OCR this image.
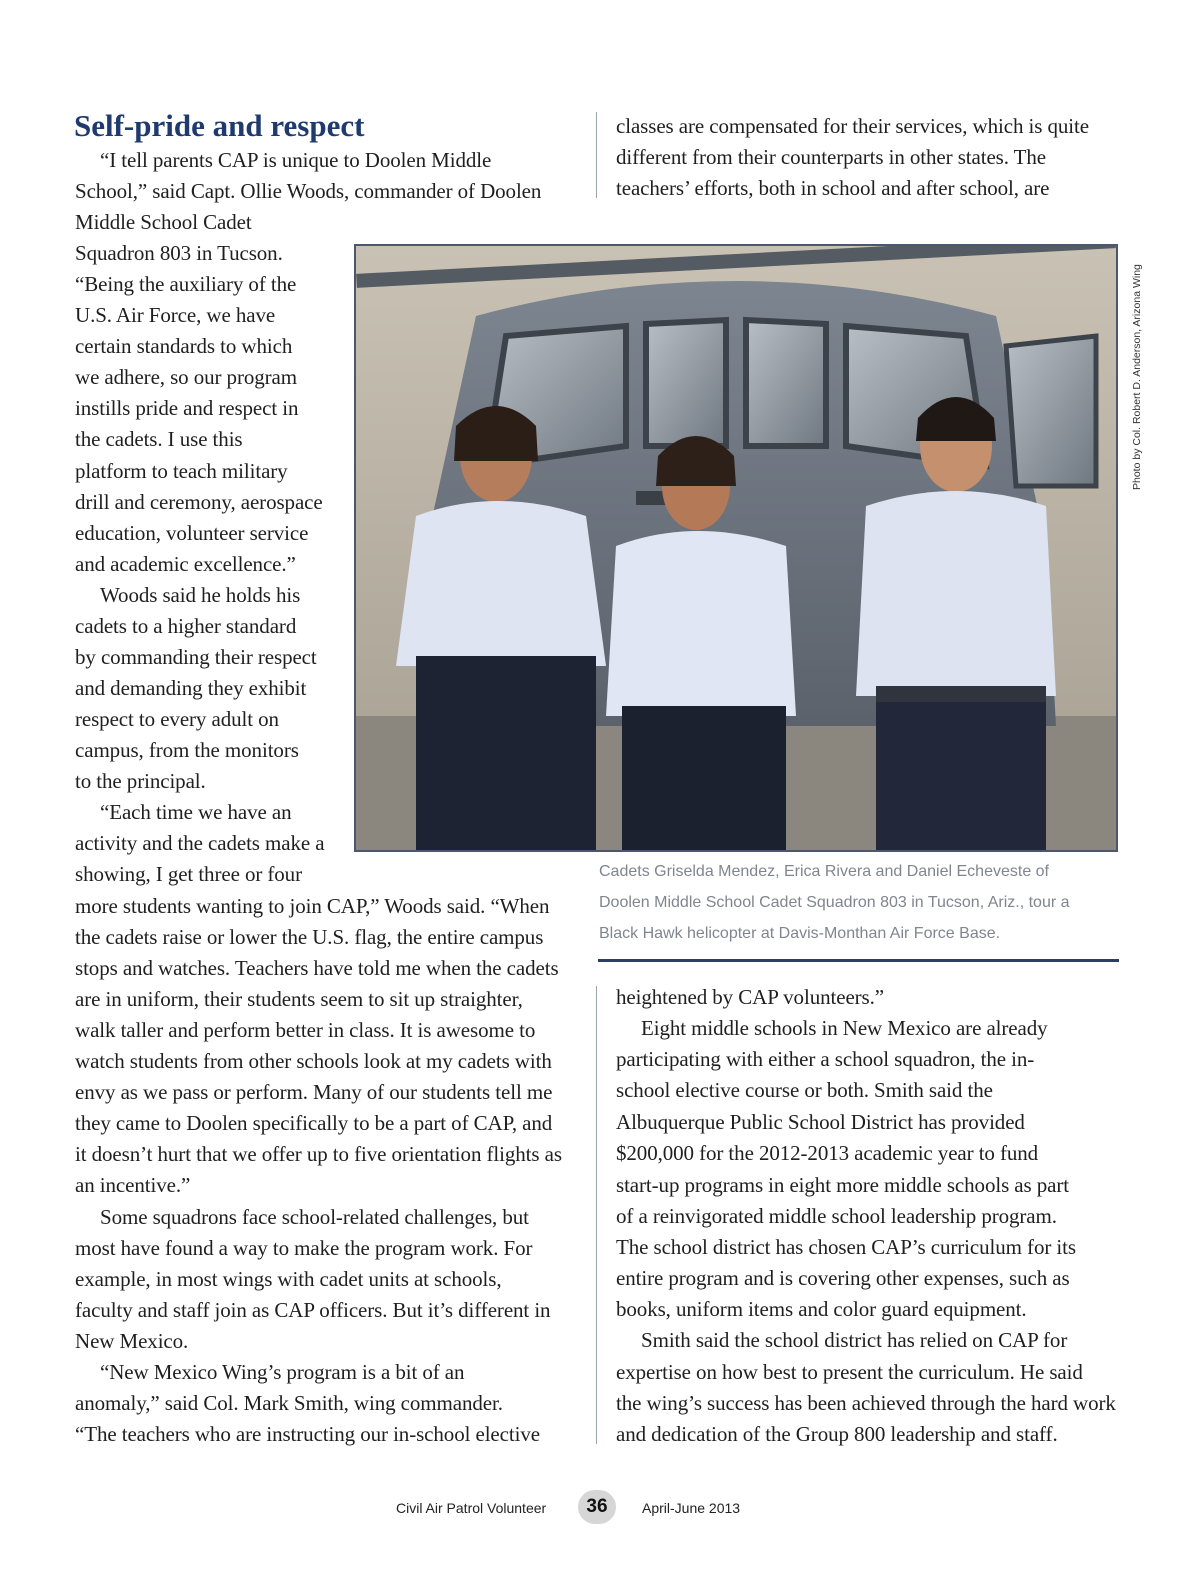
Self-pride and respect
“I tell parents CAP is unique to Doolen Middle
School,” said Capt. Ollie Woods, commander of Doolen
Middle School Cadet
Squadron 803 in Tucson.
“Being the auxiliary of the
U.S. Air Force, we have
certain standards to which
we adhere, so our program
instills pride and respect in
the cadets. I use this
platform to teach military
drill and ceremony, aerospace
education, volunteer service
and academic excellence.”
Woods said he holds his
cadets to a higher standard
by commanding their respect
and demanding they exhibit
respect to every adult on
campus, from the monitors
to the principal.
“Each time we have an
activity and the cadets make a
showing, I get three or four
more students wanting to join CAP,” Woods said. “When
the cadets raise or lower the U.S. flag, the entire campus
stops and watches. Teachers have told me when the cadets
are in uniform, their students seem to sit up straighter,
walk taller and perform better in class. It is awesome to
watch students from other schools look at my cadets with
envy as we pass or perform. Many of our students tell me
they came to Doolen specifically to be a part of CAP, and
it doesn’t hurt that we offer up to five orientation flights as
an incentive.”
Some squadrons face school-related challenges, but
most have found a way to make the program work. For
example, in most wings with cadet units at schools,
faculty and staff join as CAP officers. But it’s different in
New Mexico.
“New Mexico Wing’s program is a bit of an
anomaly,” said Col. Mark Smith, wing commander.
“The teachers who are instructing our in-school elective
classes are compensated for their services, which is quite
different from their counterparts in other states. The
teachers’ efforts, both in school and after school, are
Photo by Col. Robert D. Anderson, Arizona Wing
Cadets Griselda Mendez, Erica Rivera and Daniel Echeveste of
Doolen Middle School Cadet Squadron 803 in Tucson, Ariz., tour a
Black Hawk helicopter at Davis-Monthan Air Force Base.
heightened by CAP volunteers.”
Eight middle schools in New Mexico are already
participating with either a school squadron, the in-
school elective course or both. Smith said the
Albuquerque Public School District has provided
$200,000 for the 2012-2013 academic year to fund
start-up programs in eight more middle schools as part
of a reinvigorated middle school leadership program.
The school district has chosen CAP’s curriculum for its
entire program and is covering other expenses, such as
books, uniform items and color guard equipment.
Smith said the school district has relied on CAP for
expertise on how best to present the curriculum. He said
the wing’s success has been achieved through the hard work
and dedication of the Group 800 leadership and staff.
Civil Air Patrol Volunteer	36	April-June 2013
